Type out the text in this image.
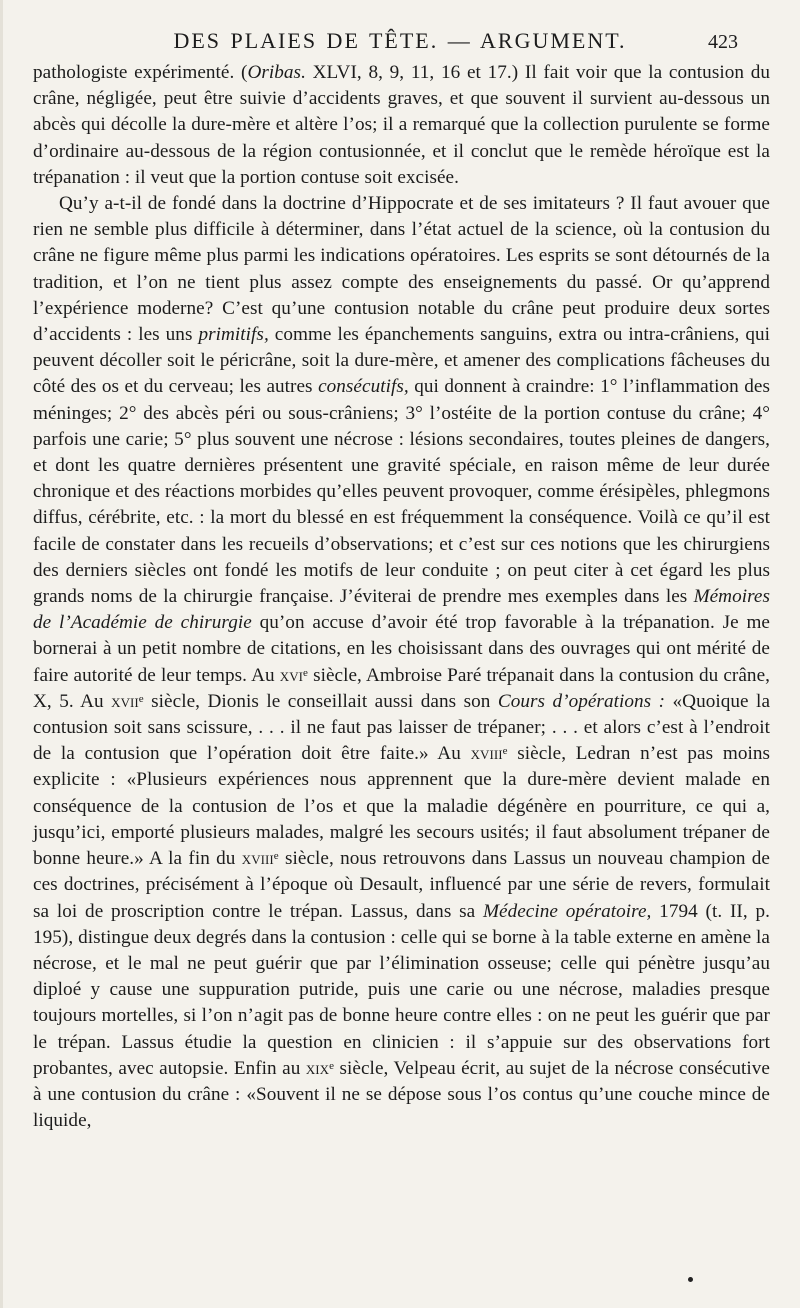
DES PLAIES DE TÊTE. — ARGUMENT.	423

pathologiste expérimenté. (Oribas. XLVI, 8, 9, 11, 16 et 17.) Il fait voir que la contusion du crâne, négligée, peut être suivie d’accidents graves, et que souvent il survient au-dessous un abcès qui décolle la dure-mère et altère l’os; il a remarqué que la collection purulente se forme d’ordinaire au-dessous de la région contusionnée, et il conclut que le remède héroïque est la trépanation : il veut que la portion contuse soit excisée.

Qu’y a-t-il de fondé dans la doctrine d’Hippocrate et de ses imitateurs ? Il faut avouer que rien ne semble plus difficile à déterminer, dans l’état actuel de la science, où la contusion du crâne ne figure même plus parmi les indications opératoires. Les esprits se sont détournés de la tradition, et l’on ne tient plus assez compte des enseignements du passé. Or qu’apprend l’expérience moderne? C’est qu’une contusion notable du crâne peut produire deux sortes d’accidents : les uns primitifs, comme les épanchements sanguins, extra ou intra-crâniens, qui peuvent décoller soit le péricrâne, soit la dure-mère, et amener des complications fâcheuses du côté des os et du cerveau; les autres consécutifs, qui donnent à craindre: 1° l’inflammation des méninges; 2° des abcès péri ou sous-crâniens; 3° l’ostéite de la portion contuse du crâne; 4° parfois une carie; 5° plus souvent une nécrose : lésions secondaires, toutes pleines de dangers, et dont les quatre dernières présentent une gravité spéciale, en raison même de leur durée chronique et des réactions morbides qu’elles peuvent provoquer, comme érésipèles, phlegmons diffus, cérébrite, etc. : la mort du blessé en est fréquemment la conséquence. Voilà ce qu’il est facile de constater dans les recueils d’observations; et c’est sur ces notions que les chirurgiens des derniers siècles ont fondé les motifs de leur conduite ; on peut citer à cet égard les plus grands noms de la chirurgie française. J’éviterai de prendre mes exemples dans les Mémoires de l’Académie de chirurgie qu’on accuse d’avoir été trop favorable à la trépanation. Je me bornerai à un petit nombre de citations, en les choisissant dans des ouvrages qui ont mérité de faire autorité de leur temps. Au xvi$^e$ siècle, Ambroise Paré trépanait dans la contusion du crâne, X, 5. Au xvii$^e$ siècle, Dionis le conseillait aussi dans son Cours d’opérations : «Quoique la contusion soit sans scissure, . . . il ne faut pas laisser de trépaner; . . . et alors c’est à l’endroit de la contusion que l’opération doit être faite.» Au xviii$^e$ siècle, Ledran n’est pas moins explicite : «Plusieurs expériences nous apprennent que la dure-mère devient malade en conséquence de la contusion de l’os et que la maladie dégénère en pourriture, ce qui a, jusqu’ici, emporté plusieurs malades, malgré les secours usités; il faut absolument trépaner de bonne heure.» A la fin du xviii$^e$ siècle, nous retrouvons dans Lassus un nouveau champion de ces doctrines, précisément à l’époque où Desault, influencé par une série de revers, formulait sa loi de proscription contre le trépan. Lassus, dans sa Médecine opératoire, 1794 (t. II, p. 195), distingue deux degrés dans la contusion : celle qui se borne à la table externe en amène la nécrose, et le mal ne peut guérir que par l’élimination osseuse; celle qui pénètre jusqu’au diploé y cause une suppuration putride, puis une carie ou une nécrose, maladies presque toujours mortelles, si l’on n’agit pas de bonne heure contre elles : on ne peut les guérir que par le trépan. Lassus étudie la question en clinicien : il s’appuie sur des observations fort probantes, avec autopsie. Enfin au xix$^e$ siècle, Velpeau écrit, au sujet de la nécrose consécutive à une contusion du crâne : «Souvent il ne se dépose sous l’os contus qu’une couche mince de liquide,
